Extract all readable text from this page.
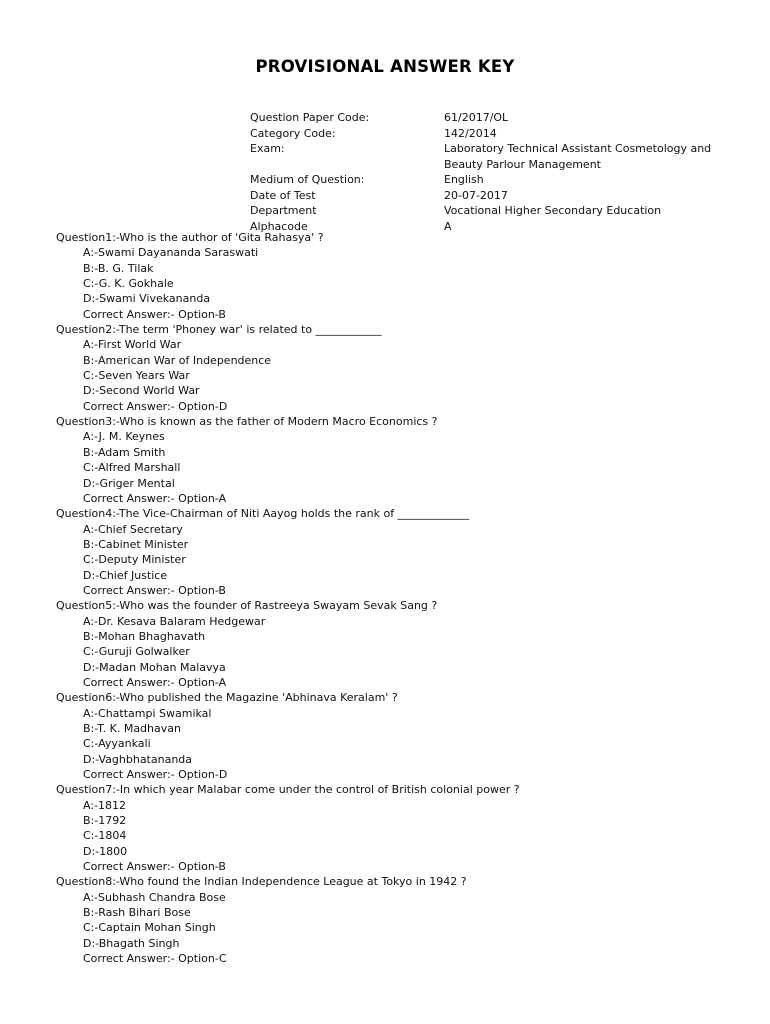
PROVISIONAL ANSWER KEY
Question Paper Code:	61/2017/OL
Category Code:	142/2014
Exam:	Laboratory Technical Assistant Cosmetology and Beauty Parlour Management
Medium of Question:	English
Date of Test	20-07-2017
Department	Vocational Higher Secondary Education
Alphacode	A
Question1:-Who is the author of 'Gita Rahasya' ?
A:-Swami Dayananda Saraswati
B:-B. G. Tilak
C:-G. K. Gokhale
D:-Swami Vivekananda
Correct Answer:- Option-B
Question2:-The term 'Phoney war' is related to ____________
A:-First World War
B:-American War of Independence
C:-Seven Years War
D:-Second World War
Correct Answer:- Option-D
Question3:-Who is known as the father of Modern Macro Economics ?
A:-J. M. Keynes
B:-Adam Smith
C:-Alfred Marshall
D:-Griger Mental
Correct Answer:- Option-A
Question4:-The Vice-Chairman of Niti Aayog holds the rank of _____________
A:-Chief Secretary
B:-Cabinet Minister
C:-Deputy Minister
D:-Chief Justice
Correct Answer:- Option-B
Question5:-Who was the founder of Rastreeya Swayam Sevak Sang ?
A:-Dr. Kesava Balaram Hedgewar
B:-Mohan Bhaghavath
C:-Guruji Golwalker
D:-Madan Mohan Malavya
Correct Answer:- Option-A
Question6:-Who published the Magazine 'Abhinava Keralam' ?
A:-Chattampi Swamikal
B:-T. K. Madhavan
C:-Ayyankali
D:-Vaghbhatananda
Correct Answer:- Option-D
Question7:-In which year Malabar come under the control of British colonial power ?
A:-1812
B:-1792
C:-1804
D:-1800
Correct Answer:- Option-B
Question8:-Who found the Indian Independence League at Tokyo in 1942 ?
A:-Subhash Chandra Bose
B:-Rash Bihari Bose
C:-Captain Mohan Singh
D:-Bhagath Singh
Correct Answer:- Option-C
